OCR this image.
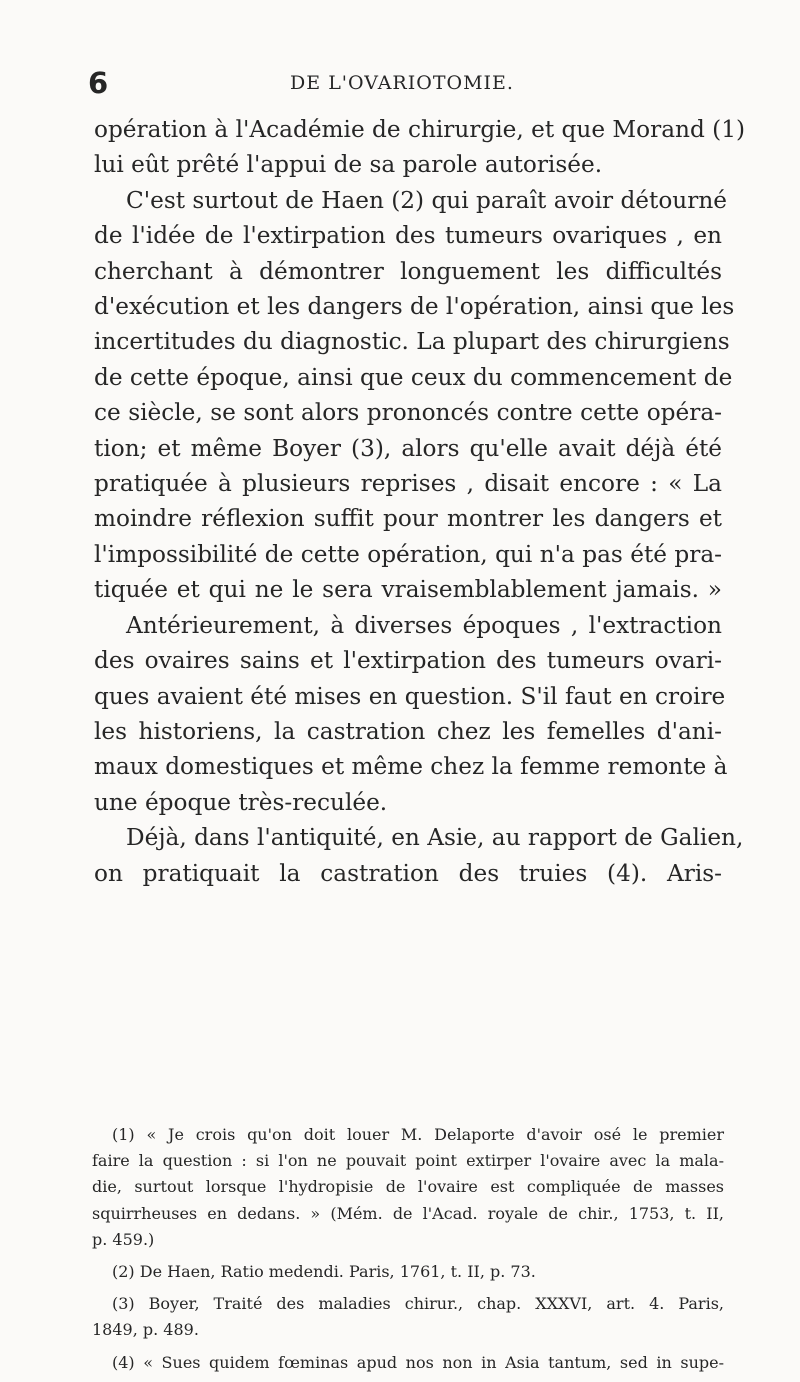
6	DE L'OVARIOTOMIE.
opération à l'Académie de chirurgie, et que Morand (1)
lui eût prêté l'appui de sa parole autorisée.
C'est surtout de Haen (2) qui paraît avoir détourné
de l'idée de l'extirpation des tumeurs ovariques , en
cherchant à démontrer longuement les difficultés
d'exécution et les dangers de l'opération, ainsi que les
incertitudes du diagnostic. La plupart des chirurgiens
de cette époque, ainsi que ceux du commencement de
ce siècle, se sont alors prononcés contre cette opéra-
tion; et même Boyer (3), alors qu'elle avait déjà été
pratiquée à plusieurs reprises , disait encore : « La
moindre réflexion suffit pour montrer les dangers et
l'impossibilité de cette opération, qui n'a pas été pra-
tiquée et qui ne le sera vraisemblablement jamais. »
Antérieurement, à diverses époques , l'extraction
des ovaires sains et l'extirpation des tumeurs ovari-
ques avaient été mises en question. S'il faut en croire
les historiens, la castration chez les femelles d'ani-
maux domestiques et même chez la femme remonte à
une époque très-reculée.
Déjà, dans l'antiquité, en Asie, au rapport de Galien,
on pratiquait la castration des truies (4). Aris-
(1) « Je crois qu'on doit louer M. Delaporte d'avoir osé le premier
faire la question : si l'on ne pouvait point extirper l'ovaire avec la mala-
die, surtout lorsque l'hydropisie de l'ovaire est compliquée de masses
squirrheuses en dedans. » (Mém. de l'Acad. royale de chir., 1753, t. II,
p. 459.)
(2) De Haen, Ratio medendi. Paris, 1761, t. II, p. 73.
(3) Boyer, Traité des maladies chirur., chap. XXXVI, art. 4. Paris,
1849, p. 489.
(4) « Sues quidem fœminas apud nos non in Asia tantum, sed in supe-
